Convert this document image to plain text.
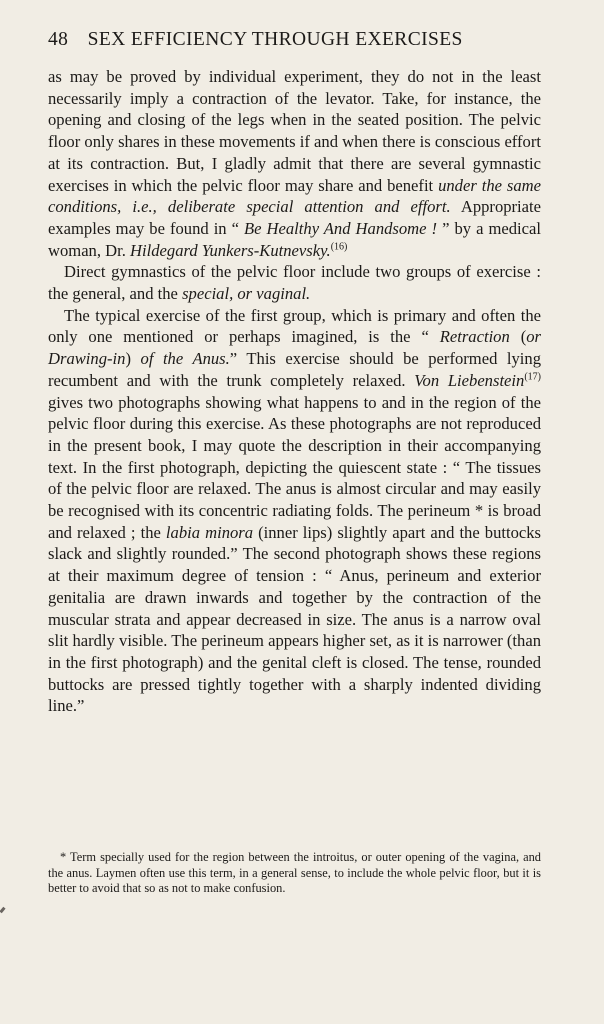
48 SEX EFFICIENCY THROUGH EXERCISES

as may be proved by individual experiment, they do not in the least necessarily imply a contraction of the levator. Take, for instance, the opening and closing of the legs when in the seated position. The pelvic floor only shares in these movements if and when there is conscious effort at its contraction. But, I gladly admit that there are several gymnastic exercises in which the pelvic floor may share and benefit under the same conditions, i.e., deliberate special attention and effort. Appropriate examples may be found in “ Be Healthy And Handsome ! ” by a medical woman, Dr. Hildegard Yunkers-Kutnevsky.$^{(16)}$

Direct gymnastics of the pelvic floor include two groups of exercise : the general, and the special, or vaginal.

The typical exercise of the first group, which is primary and often the only one mentioned or perhaps imagined, is the “ Retraction (or Drawing-in) of the Anus.” This exercise should be performed lying recumbent and with the trunk completely relaxed. Von Liebenstein$^{(17)}$ gives two photographs showing what happens to and in the region of the pelvic floor during this exercise. As these photographs are not reproduced in the present book, I may quote the description in their accompanying text. In the first photograph, depicting the quiescent state : “ The tissues of the pelvic floor are relaxed. The anus is almost circular and may easily be recognised with its concentric radiating folds. The perineum * is broad and relaxed ; the labia minora (inner lips) slightly apart and the buttocks slack and slightly rounded.” The second photograph shows these regions at their maximum degree of tension : “ Anus, perineum and exterior genitalia are drawn inwards and together by the contraction of the muscular strata and appear decreased in size. The anus is a narrow oval slit hardly visible. The perineum appears higher set, as it is narrower (than in the first photograph) and the genital cleft is closed. The tense, rounded buttocks are pressed tightly together with a sharply indented dividing line.”

* Term specially used for the region between the introitus, or outer opening of the vagina, and the anus. Laymen often use this term, in a general sense, to include the whole pelvic floor, but it is better to avoid that so as not to make confusion.
